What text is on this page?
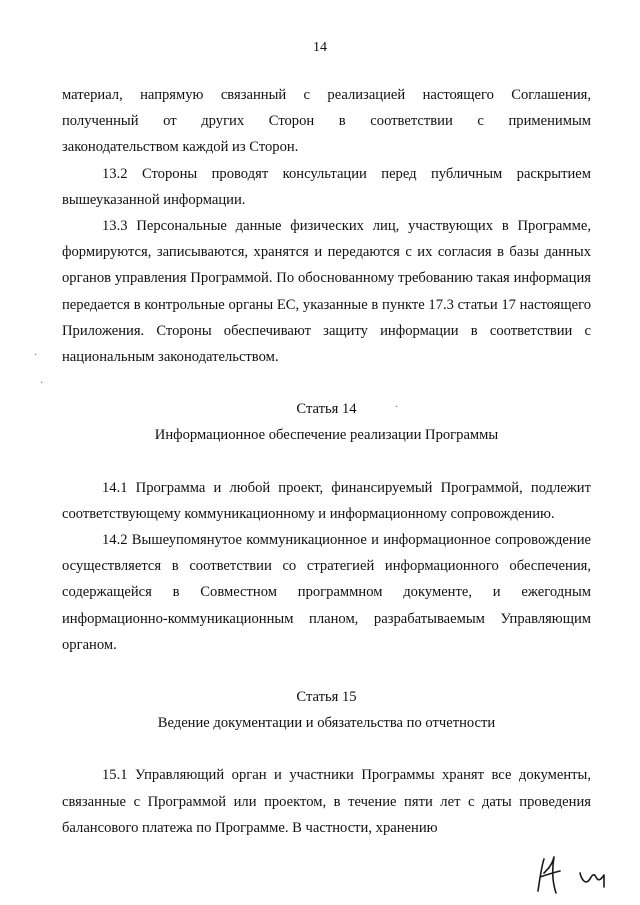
14

материал, напрямую связанный с реализацией настоящего Соглашения,

полученный от других Сторон в соответствии с применимым

законодательством каждой из Сторон.

13.2 Стороны проводят консультации перед публичным раскрытием вышеуказанной информации.

13.3 Персональные данные физических лиц, участвующих в Программе, формируются, записываются, хранятся и передаются с их согласия в базы данных органов управления Программой. По обоснованному требованию такая информация передается в контрольные органы ЕС, указанные в пункте 17.3 статьи 17 настоящего Приложения. Стороны обеспечивают защиту информации в соответствии с национальным законодательством.

Статья 14

Информационное обеспечение реализации Программы

14.1 Программа и любой проект, финансируемый Программой, подлежит соответствующему коммуникационному и информационному сопровождению.

14.2 Вышеупомянутое коммуникационное и информационное сопровождение осуществляется в соответствии со стратегией информационного обеспечения, содержащейся в Совместном программном документе, и ежегодным информационно-коммуникационным планом, разрабатываемым Управляющим органом.

Статья 15

Ведение документации и обязательства по отчетности

15.1 Управляющий орган и участники Программы хранят все документы, связанные с Программой или проектом, в течение пяти лет с даты проведения балансового платежа по Программе. В частности, хранению

·
·
·
